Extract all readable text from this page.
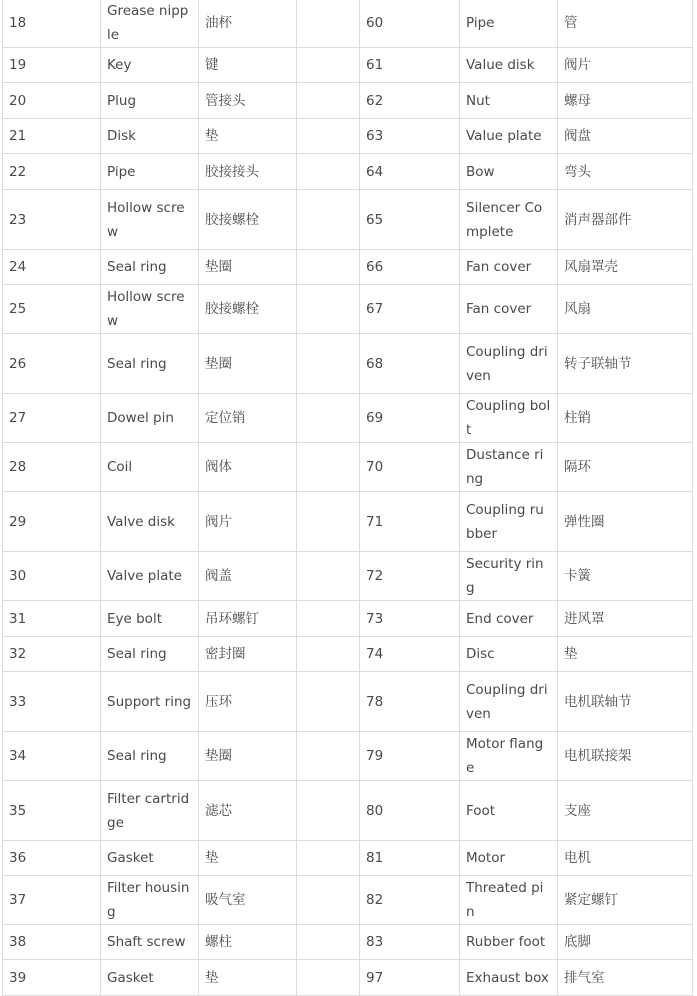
18	Grease nipple	油杯		60	Pipe	管
19	Key	键		61	Value disk	阀片
20	Plug	管接头		62	Nut	螺母
21	Disk	垫		63	Value plate	阀盘
22	Pipe	胶接接头		64	Bow	弯头
23	Hollow screw	胶接螺栓		65	Silencer Complete	消声器部件
24	Seal ring	垫圈		66	Fan cover	风扇罩壳
25	Hollow screw	胶接螺栓		67	Fan cover	风扇
26	Seal ring	垫圈		68	Coupling driven	转子联轴节
27	Dowel pin	定位销		69	Coupling bolt	柱销
28	Coil	阀体		70	Dustance ring	隔环
29	Valve disk	阀片		71	Coupling rubber	弹性圈
30	Valve plate	阀盖		72	Security ring	卡簧
31	Eye bolt	吊环螺钉		73	End cover	进风罩
32	Seal ring	密封圈		74	Disc	垫
33	Support ring	压环		78	Coupling driven	电机联轴节
34	Seal ring	垫圈		79	Motor flange	电机联接架
35	Filter cartridge	滤芯		80	Foot	支座
36	Gasket	垫		81	Motor	电机
37	Filter housing	吸气室		82	Threated pin	紧定螺钉
38	Shaft screw	螺柱		83	Rubber foot	底脚
39	Gasket	垫		97	Exhaust box	排气室
